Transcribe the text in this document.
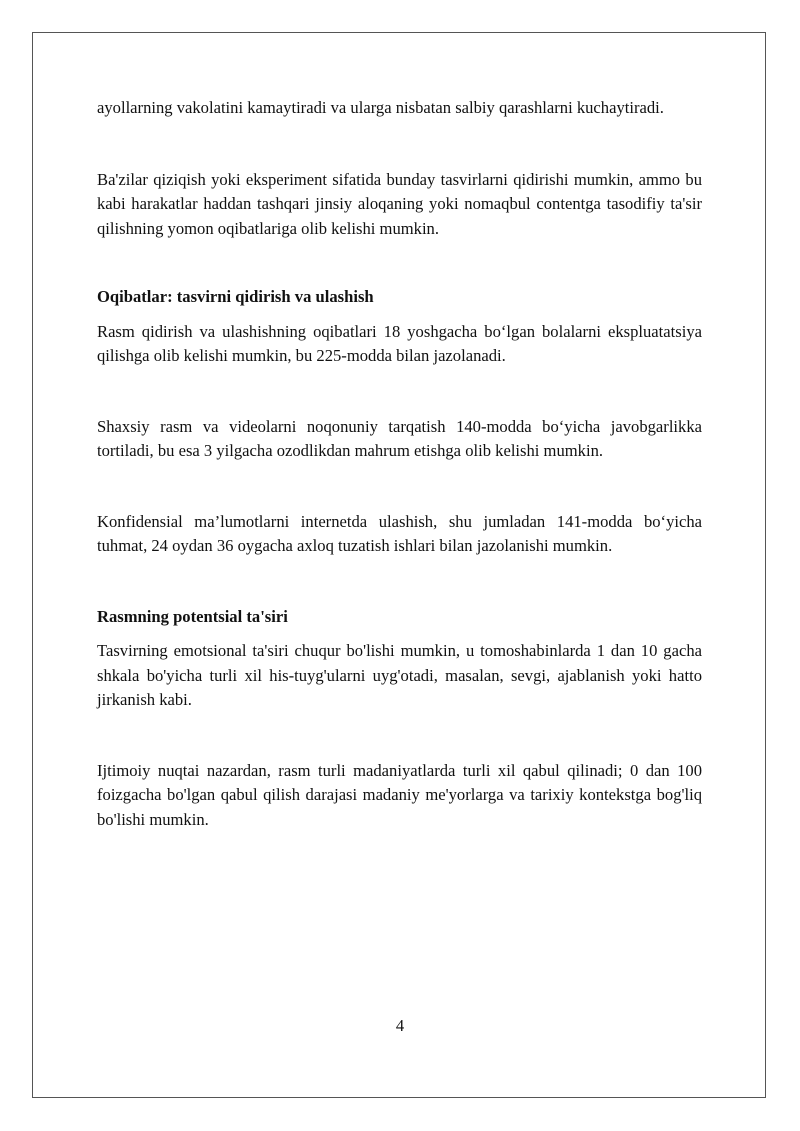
ayollarning vakolatini kamaytiradi va ularga nisbatan salbiy qarashlarni kuchaytiradi.

Ba'zilar qiziqish yoki eksperiment sifatida bunday tasvirlarni qidirishi mumkin, ammo bu kabi harakatlar haddan tashqari jinsiy aloqaning yoki nomaqbul contentga tasodifiy ta'sir qilishning yomon oqibatlariga olib kelishi mumkin.

Oqibatlar: tasvirni qidirish va ulashish

Rasm qidirish va ulashishning oqibatlari 18 yoshgacha bo‘lgan bolalarni ekspluatatsiya qilishga olib kelishi mumkin, bu 225-modda bilan jazolanadi.

Shaxsiy rasm va videolarni noqonuniy tarqatish 140-modda bo‘yicha javobgarlikka tortiladi, bu esa 3 yilgacha ozodlikdan mahrum etishga olib kelishi mumkin.

Konfidensial ma’lumotlarni internetda ulashish, shu jumladan 141-modda bo‘yicha tuhmat, 24 oydan 36 oygacha axloq tuzatish ishlari bilan jazolanishi mumkin.

Rasmning potentsial ta'siri

Tasvirning emotsional ta'siri chuqur bo'lishi mumkin, u tomoshabinlarda 1 dan 10 gacha shkala bo'yicha turli xil his-tuyg'ularni uyg'otadi, masalan, sevgi, ajablanish yoki hatto jirkanish kabi.

Ijtimoiy nuqtai nazardan, rasm turli madaniyatlarda turli xil qabul qilinadi; 0 dan 100 foizgacha bo'lgan qabul qilish darajasi madaniy me'yorlarga va tarixiy kontekstga bog'liq bo'lishi mumkin.

4
